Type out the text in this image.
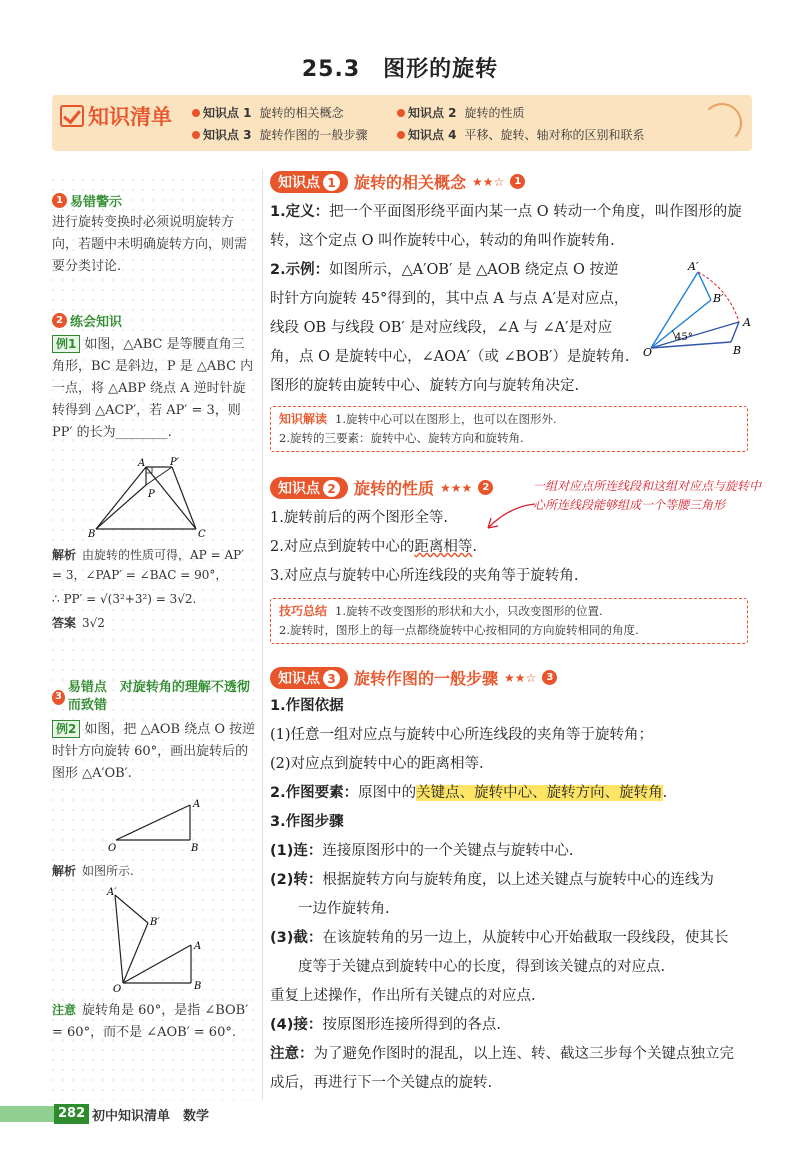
25.3　图形的旋转
知识清单	知识点 1 旋转的相关概念	知识点 2 旋转的性质
知识点 3 旋转作图的一般步骤	知识点 4 平移、旋转、轴对称的区别和联系
1 易错警示
进行旋转变换时必须说明旋转方向，若题中未明确旋转方向，则需要分类讨论.
2 练会知识
例1 如图，△ABC 是等腰直角三角形，BC 是斜边，P 是 △ABC 内一点，将 △ABP 绕点 A 逆时针旋转得到 △ACP′，若 AP′ = 3，则 PP′ 的长为________.
A P′
P
B	C
解析 由旋转的性质可得，AP = AP′ = 3，∠PAP′ = ∠BAC = 90°，
∴ PP′ = √(3²+3²) = 3√2.
答案 3√2
3
易错点　对旋转角的理解不透彻而致错
例2 如图，把 △AOB 绕点 O 按逆时针方向旋转 60°，画出旋转后的图形 △A′OB′.
A
O	B
解析 如图所示.
A′
B′
A
O	B
注意 旋转角是 60°，是指 ∠BOB′ = 60°，而不是 ∠AOB′ = 60°.
知识点 1	旋转的相关概念 ★★☆	1
1.定义：把一个平面图形绕平面内某一点 O 转动一个角度，叫作图形的旋转，这个定点 O 叫作旋转中心，转动的角叫作旋转角.
2.示例：如图所示，△A′OB′ 是 △AOB 绕定点 O 按逆
时针方向旋转 45°得到的，其中点 A 与点 A′是对应点，
线段 OB 与线段 OB′ 是对应线段，∠A 与 ∠A′是对应
角，点 O 是旋转中心，∠AOA′（或 ∠BOB′）是旋转角.
图形的旋转由旋转中心、旋转方向与旋转角决定.
45°
A′
B′
A
B
O
知识解读 1.旋转中心可以在图形上，也可以在图形外.
2.旋转的三要素：旋转中心、旋转方向和旋转角.
知识点 2	旋转的性质 ★★★	2
1.旋转前后的两个图形全等.
2.对应点到旋转中心的距离相等.
3.对应点与旋转中心所连线段的夹角等于旋转角.
技巧总结 1.旋转不改变图形的形状和大小，只改变图形的位置.
2.旋转时，图形上的每一点都绕旋转中心按相同的方向旋转相同的角度.
知识点 3	旋转作图的一般步骤 ★★☆	3
1.作图依据
(1)任意一组对应点与旋转中心所连线段的夹角等于旋转角；
(2)对应点到旋转中心的距离相等.
2.作图要素：原图中的关键点、旋转中心、旋转方向、旋转角.
3.作图步骤
(1)连：连接原图形中的一个关键点与旋转中心.
(2)转：根据旋转方向与旋转角度，以上述关键点与旋转中心的连线为
一边作旋转角.
(3)截：在该旋转角的另一边上，从旋转中心开始截取一段线段，使其长
度等于关键点到旋转中心的长度，得到该关键点的对应点.
重复上述操作，作出所有关键点的对应点.
(4)接：按原图形连接所得到的各点.
注意：为了避免作图时的混乱，以上连、转、截这三步每个关键点独立完
成后，再进行下一个关键点的旋转.
一组对应点所连线段和这组对应点与旋转中心所连线段能够组成一个等腰三角形
282 初中知识清单　数学
